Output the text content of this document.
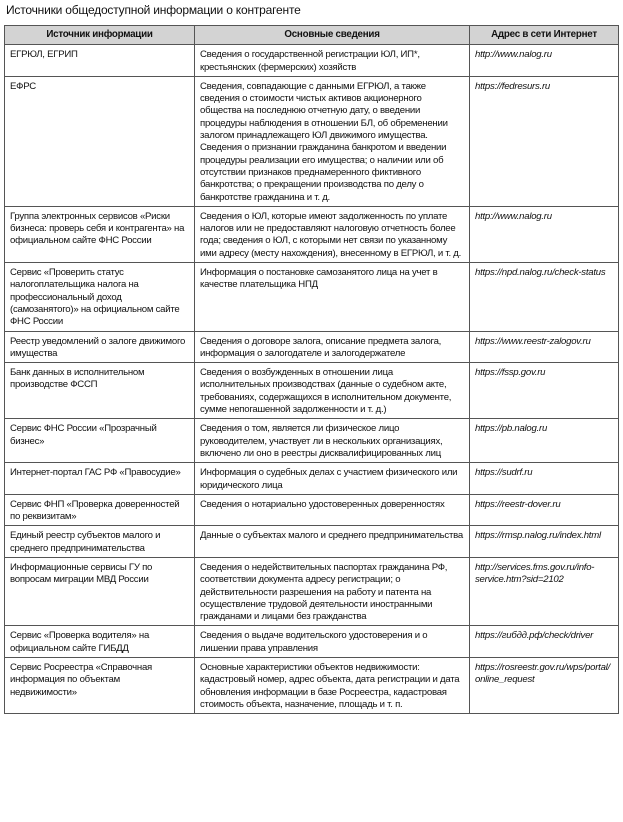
Источники общедоступной информации о контрагенте
Источник информации	Основные сведения	Адрес в сети Интернет
ЕГРЮЛ, ЕГРИП	Сведения о государственной регистрации ЮЛ, ИП*, крестьянских (фермерских) хозяйств	http://www.nalog.ru
ЕФРС	Сведения, совпадающие с данными ЕГРЮЛ, а также сведения о стоимости чистых активов акционерного общества на последнюю отчетную дату, о введении процедуры наблюдения в отношении БЛ, об обременении залогом принадлежащего ЮЛ движимого имущества. Сведения о признании гражданина банкротом и введении процедуры реализации его имущества; о наличии или об отсутствии признаков преднамеренного фиктивного банкротства; о прекращении производства по делу о банкротстве гражданина и т. д.	https://fedresurs.ru
Группа электронных сервисов «Риски бизнеса: проверь себя и контрагента» на официальном сайте ФНС России	Сведения о ЮЛ, которые имеют задолженность по уплате налогов или не предоставляют налоговую отчетность более года; сведения о ЮЛ, с которыми нет связи по указанному ими адресу (месту нахождения), внесенному в ЕГРЮЛ, и т. д.	http://www.nalog.ru
Сервис «Проверить статус налогоплательщика налога на профессиональный доход (самозанятого)» на официальном сайте ФНС России	Информация о постановке самозанятого лица на учет в качестве плательщика НПД	https://npd.nalog.ru/check-status
Реестр уведомлений о залоге движимого имущества	Сведения о договоре залога, описание предмета залога, информация о залогодателе и залогодержателе	https://www.reestr-zalogov.ru
Банк данных в исполнительном производстве ФССП	Сведения о возбужденных в отношении лица исполнительных производствах (данные о судебном акте, требованиях, содержащихся в исполнительном документе, сумме непогашенной задолженности и т. д.)	https://fssp.gov.ru
Сервис ФНС России «Прозрачный бизнес»	Сведения о том, является ли физическое лицо руководителем, участвует ли в нескольких организациях, включено ли оно в реестры дисквалифицированных лиц	https://pb.nalog.ru
Интернет-портал ГАС РФ «Правосудие»	Информация о судебных делах с участием физического или юридического лица	https://sudrf.ru
Сервис ФНП «Проверка доверенностей по реквизитам»	Сведения о нотариально удостоверенных доверенностях	https://reestr-dover.ru
Единый реестр субъектов малого и среднего предпринимательства	Данные о субъектах малого и среднего предпринимательства	https://rmsp.nalog.ru/index.html
Информационные сервисы ГУ по вопросам миграции МВД России	Сведения о недействительных паспортах гражданина РФ, соответствии документа адресу регистрации; о действительности разрешения на работу и патента на осуществление трудовой деятельности иностранными гражданами и лицами без гражданства	http://services.fms.gov.ru/info-service.htm?sid=2102
Сервис «Проверка водителя» на официальном сайте ГИБДД	Сведения о выдаче водительского удостоверения и о лишении права управления	https://гибдд.рф/check/driver
Сервис Росреестра «Справочная информация по объектам недвижимости»	Основные характеристики объектов недвижимости: кадастровый номер, адрес объекта, дата регистрации и дата обновления информации в базе Росреестра, кадастровая стоимость объекта, назначение, площадь и т. п.	https://rosreestr.gov.ru/wps/portal/online_request
